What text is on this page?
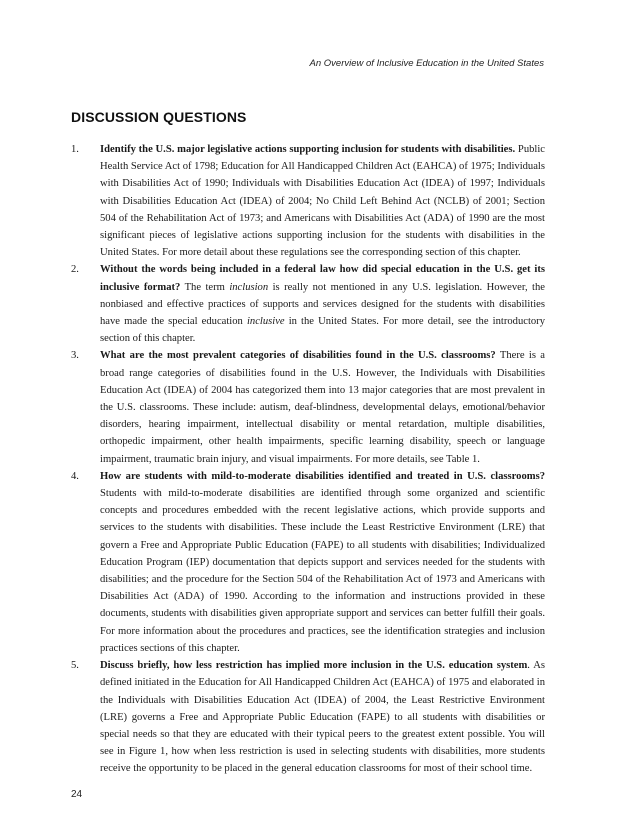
An Overview of Inclusive Education in the United States
DISCUSSION QUESTIONS
1.	Identify the U.S. major legislative actions supporting inclusion for students with disabilities. Public Health Service Act of 1798; Education for All Handicapped Children Act (EAHCA) of 1975; Individuals with Disabilities Act of 1990; Individuals with Disabilities Education Act (IDEA) of 1997; Individuals with Disabilities Education Act (IDEA) of 2004; No Child Left Behind Act (NCLB) of 2001; Section 504 of the Rehabilitation Act of 1973; and Americans with Disabilities Act (ADA) of 1990 are the most significant pieces of legislative actions supporting inclusion for the students with disabilities in the United States. For more detail about these regulations see the corresponding section of this chapter.
2.	Without the words being included in a federal law how did special education in the U.S. get its inclusive format? The term inclusion is really not mentioned in any U.S. legislation. However, the nonbiased and effective practices of supports and services designed for the students with disabilities have made the special education inclusive in the United States. For more detail, see the introductory section of this chapter.
3.	What are the most prevalent categories of disabilities found in the U.S. classrooms? There is a broad range categories of disabilities found in the U.S. However, the Individuals with Disabilities Education Act (IDEA) of 2004 has categorized them into 13 major categories that are most prevalent in the U.S. classrooms. These include: autism, deaf-blindness, developmental delays, emotional/behavior disorders, hearing impairment, intellectual disability or mental retardation, multiple disabilities, orthopedic impairment, other health impairments, specific learning disability, speech or language impairment, traumatic brain injury, and visual impairments. For more details, see Table 1.
4.	How are students with mild-to-moderate disabilities identified and treated in U.S. classrooms? Students with mild-to-moderate disabilities are identified through some organized and scientific concepts and procedures embedded with the recent legislative actions, which provide supports and services to the students with disabilities. These include the Least Restrictive Environment (LRE) that govern a Free and Appropriate Public Education (FAPE) to all students with disabilities; Individualized Education Program (IEP) documentation that depicts support and services needed for the students with disabilities; and the procedure for the Section 504 of the Rehabilitation Act of 1973 and Americans with Disabilities Act (ADA) of 1990. According to the information and instructions provided in these documents, students with disabilities given appropriate support and services can better fulfill their goals. For more information about the procedures and practices, see the identification strategies and inclusion practices sections of this chapter.
5.	Discuss briefly, how less restriction has implied more inclusion in the U.S. education system. As defined initiated in the Education for All Handicapped Children Act (EAHCA) of 1975 and elaborated in the Individuals with Disabilities Education Act (IDEA) of 2004, the Least Restrictive Environment (LRE) governs a Free and Appropriate Public Education (FAPE) to all students with disabilities or special needs so that they are educated with their typical peers to the greatest extent possible. You will see in Figure 1, how when less restriction is used in selecting students with disabilities, more students receive the opportunity to be placed in the general education classrooms for most of their school time.
24
